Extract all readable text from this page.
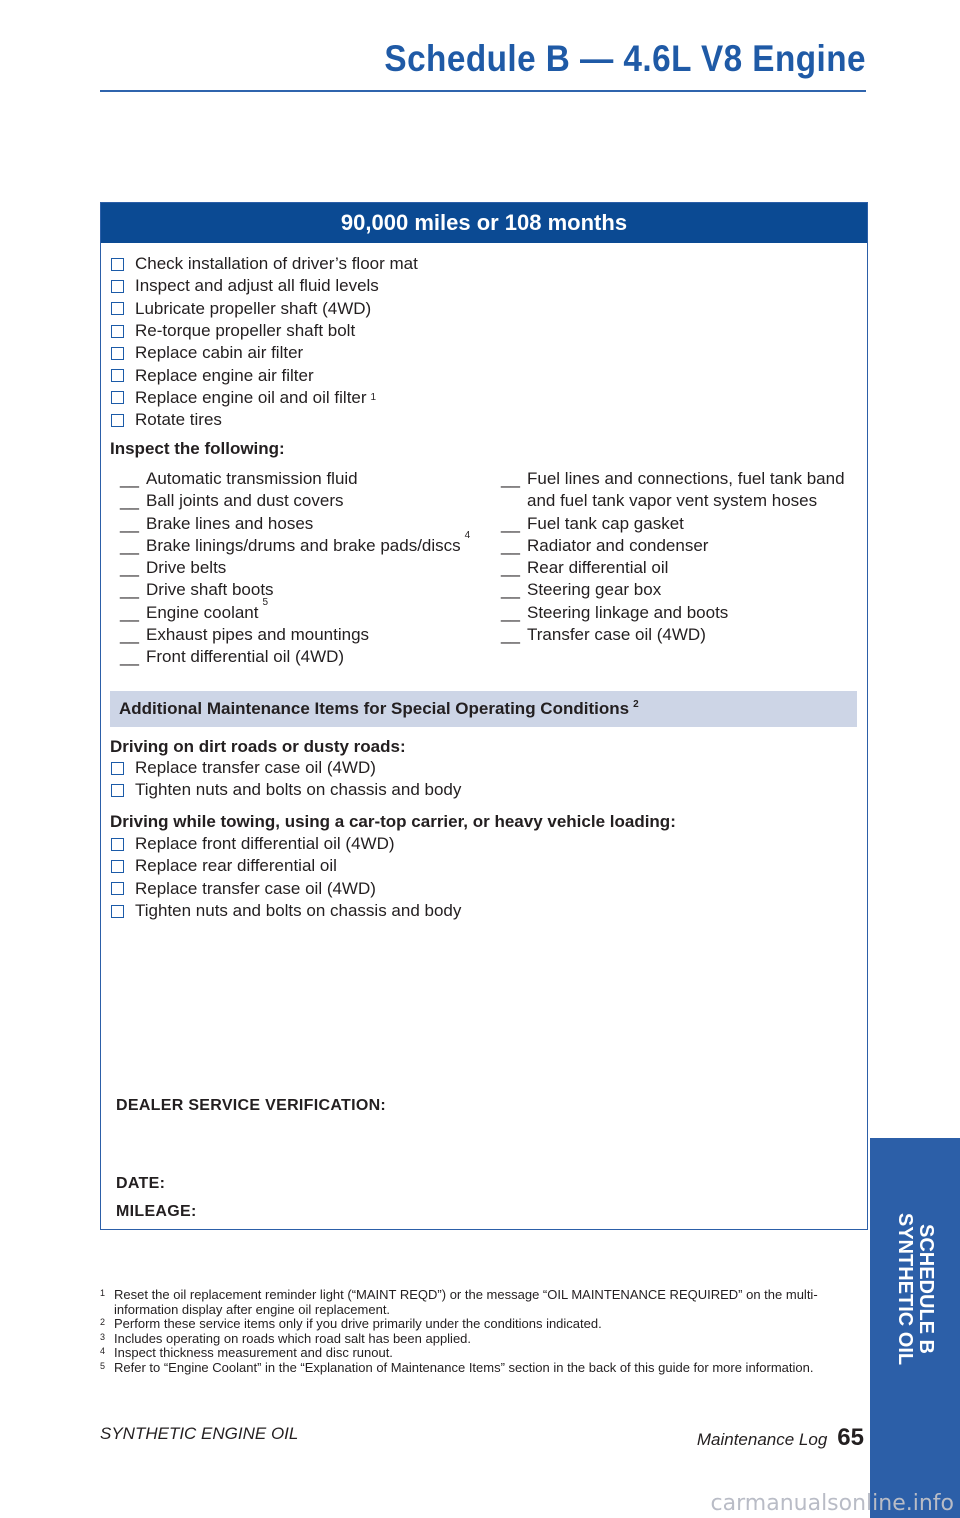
Schedule B — 4.6L V8 Engine
90,000 miles or 108 months
Check installation of driver’s floor mat
Inspect and adjust all fluid levels
Lubricate propeller shaft (4WD)
Re-torque propeller shaft bolt
Replace cabin air filter
Replace engine air filter
Replace engine oil and oil filter 1
Rotate tires
Inspect the following:
__ Automatic transmission fluid
__ Ball joints and dust covers
__ Brake lines and hoses
__ Brake linings/drums and brake pads/discs
4
__ Drive belts
__ Drive shaft boots
__ Engine coolant
5
__ Exhaust pipes and mountings
__ Front differential oil (4WD)
__ Fuel lines and connections, fuel tank band
and fuel tank vapor vent system hoses
__ Fuel tank cap gasket
__ Radiator and condenser
__ Rear differential oil
__ Steering gear box
__ Steering linkage and boots
__ Transfer case oil (4WD)
Additional Maintenance Items for Special Operating Conditions $^2$
Driving on dirt roads or dusty roads:
Replace transfer case oil (4WD)
Tighten nuts and bolts on chassis and body
Driving while towing, using a car-top carrier, or heavy vehicle loading:
Replace front differential oil (4WD)
Replace rear differential oil
Replace transfer case oil (4WD)
Tighten nuts and bolts on chassis and body
DEALER SERVICE VERIFICATION:
DATE:
MILEAGE:
1 Reset the oil replacement reminder light (“MAINT REQD”) or the message “OIL MAINTENANCE REQUIRED” on the multi-information display after engine oil replacement.
2 Perform these service items only if you drive primarily under the conditions indicated.
3 Includes operating on roads which road salt has been applied.
4 Inspect thickness measurement and disc runout.
5 Refer to “Engine Coolant” in the “Explanation of Maintenance Items” section in the back of this guide for more information.
SYNTHETIC ENGINE OIL	Maintenance Log 65
SCHEDULE B
SYNTHETIC OIL
carmanualsonline.info
